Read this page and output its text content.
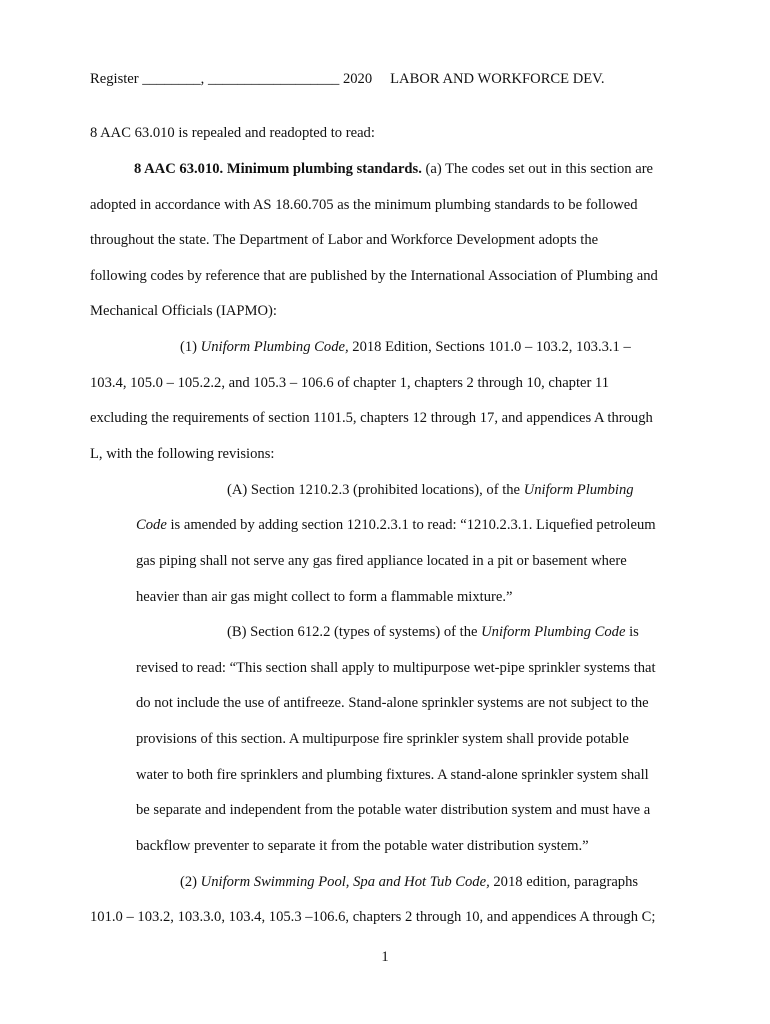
Register ________, __________________ 2020 LABOR AND WORKFORCE DEV.
8 AAC 63.010 is repealed and readopted to read:
8 AAC 63.010. Minimum plumbing standards. (a) The codes set out in this section are
adopted in accordance with AS 18.60.705 as the minimum plumbing standards to be followed
throughout the state. The Department of Labor and Workforce Development adopts the
following codes by reference that are published by the International Association of Plumbing and
Mechanical Officials (IAPMO):
(1) Uniform Plumbing Code, 2018 Edition, Sections 101.0 – 103.2, 103.3.1 –
103.4, 105.0 – 105.2.2, and 105.3 – 106.6 of chapter 1, chapters 2 through 10, chapter 11
excluding the requirements of section 1101.5, chapters 12 through 17, and appendices A through
L, with the following revisions:
(A) Section 1210.2.3 (prohibited locations), of the Uniform Plumbing
Code is amended by adding section 1210.2.3.1 to read: “1210.2.3.1. Liquefied petroleum
gas piping shall not serve any gas fired appliance located in a pit or basement where
heavier than air gas might collect to form a flammable mixture.”
(B) Section 612.2 (types of systems) of the Uniform Plumbing Code is
revised to read: “This section shall apply to multipurpose wet-pipe sprinkler systems that
do not include the use of antifreeze. Stand-alone sprinkler systems are not subject to the
provisions of this section. A multipurpose fire sprinkler system shall provide potable
water to both fire sprinklers and plumbing fixtures. A stand-alone sprinkler system shall
be separate and independent from the potable water distribution system and must have a
backflow preventer to separate it from the potable water distribution system.”
(2) Uniform Swimming Pool, Spa and Hot Tub Code, 2018 edition, paragraphs
101.0 – 103.2, 103.3.0, 103.4, 105.3 –106.6, chapters 2 through 10, and appendices A through C;
1
